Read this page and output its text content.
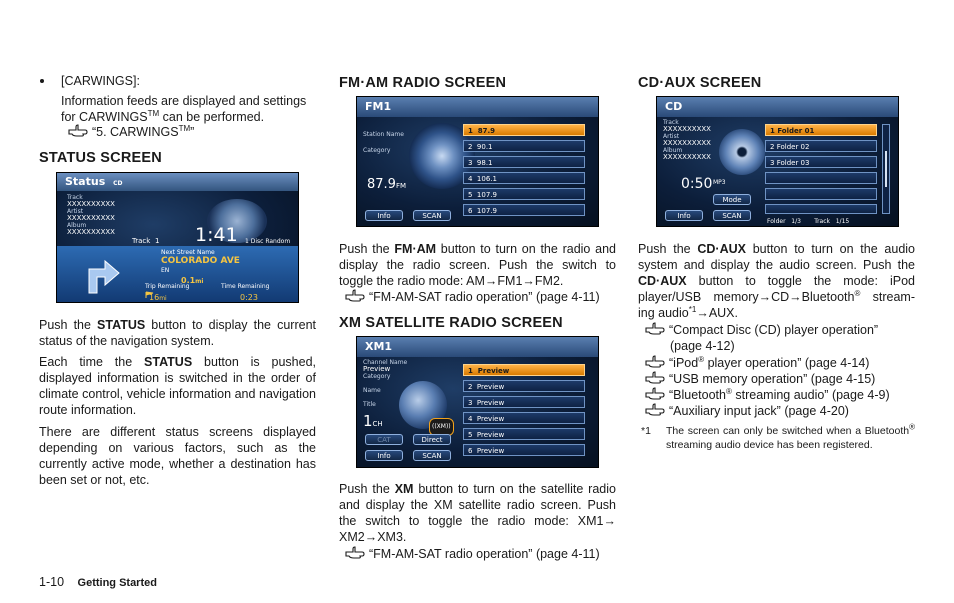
[CARWINGS]:
Information feeds are displayed and settings for CARWINGS™ can be performed.
“5. CARWINGS™”
STATUS SCREEN
Status CD
Track
XXXXXXXXXX
Artist
XXXXXXXXXX
Album
XXXXXXXXXX
Track 1 1:41 1 Disc Random
Next Street Name
COLORADO AVE
EN
0.1mi
Trip Remaining	Time Remaining
16mi	0:23
Push the STATUS button to display the current status of the navigation system.
Each time the STATUS button is pushed, displayed information is switched in the order of climate control, vehicle information and navigation route information.
There are different status screens displayed depending on various factors, such as the currently active mode, whether a destination has been set or not, etc.
1-10 Getting Started
FM·AM RADIO SCREEN
FM1
Station Name
Category
87.9FM
Info	SCAN
1 87.9
2 90.1
3 98.1
4 106.1
5 107.9
6 107.9
Push the FM·AM button to turn on the radio and display the radio screen. Push the switch to toggle the radio mode: AM→FM1→FM2.
“FM-AM-SAT radio operation” (page 4-11)
XM SATELLITE RADIO SCREEN
XM1
Channel Name
Preview
Category
Name
Title
1CH	((XM))
CAT	Direct
Info	SCAN
1 Preview
2 Preview
3 Preview
4 Preview
5 Preview
6 Preview
Push the XM button to turn on the satellite radio and display the XM satellite radio screen. Push the switch to toggle the radio mode: XM1→ XM2→XM3.
“FM-AM-SAT radio operation” (page 4-11)
CD·AUX SCREEN
CD
Track
XXXXXXXXXX
Artist
XXXXXXXXXX
Album
XXXXXXXXXX
0:50 MP3
Mode
Info	SCAN
1 Folder 01
2 Folder 02
3 Folder 03
Folder 1/3 Track 1/15
Push the CD·AUX button to turn on the audio system and display the audio screen. Push the CD·AUX button to toggle the mode: iPod player/USB memory→CD→Bluetooth® stream- ing audio$^{*1}$→AUX.
“Compact Disc (CD) player operation”
(page 4-12)
“iPod® player operation” (page 4-14)
“USB memory operation” (page 4-15)
“Bluetooth® streaming audio” (page 4-9)
“Auxiliary input jack” (page 4-20)
*1 The screen can only be switched when a Bluetooth® streaming audio device has been registered.
